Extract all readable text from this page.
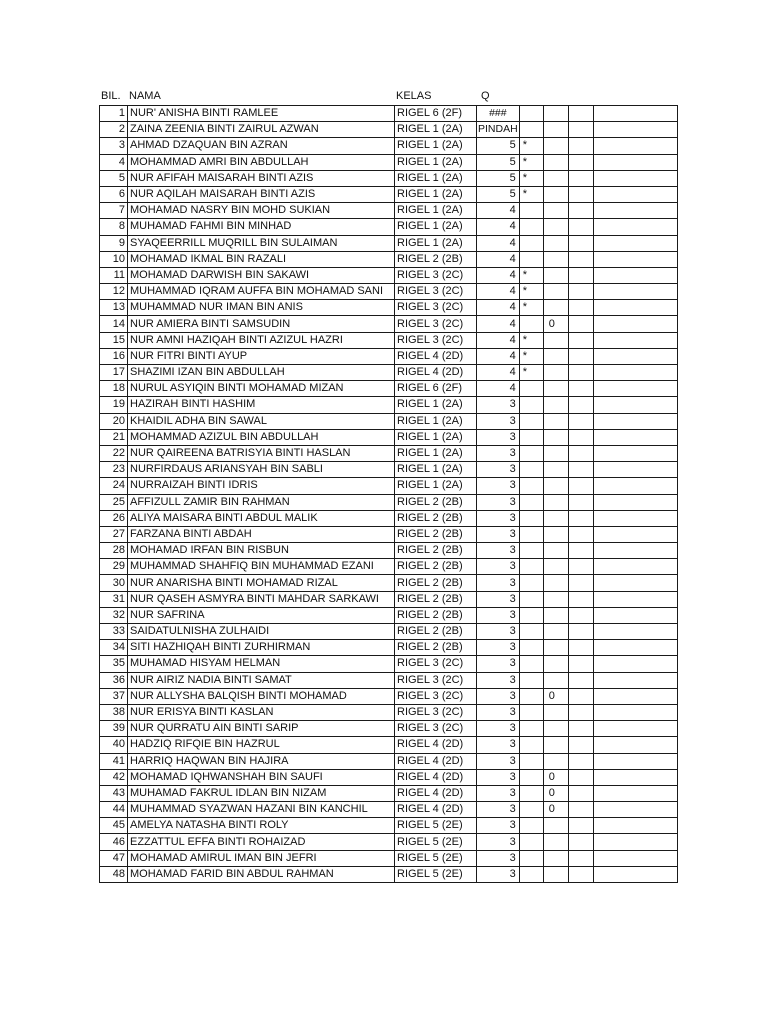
BIL. NAMA	KELAS	Q
1	NUR' ANISHA BINTI RAMLEE	RIGEL 6 (2F)	###				
2	ZAINA ZEENIA BINTI ZAIRUL AZWAN	RIGEL 1 (2A)	PINDAH				
3	AHMAD DZAQUAN BIN AZRAN	RIGEL 1 (2A)	5	*			
4	MOHAMMAD AMRI BIN ABDULLAH	RIGEL 1 (2A)	5	*			
5	NUR AFIFAH MAISARAH BINTI AZIS	RIGEL 1 (2A)	5	*			
6	NUR AQILAH MAISARAH BINTI AZIS	RIGEL 1 (2A)	5	*			
7	MOHAMAD NASRY BIN MOHD SUKIAN	RIGEL 1 (2A)	4				
8	MUHAMAD FAHMI BIN MINHAD	RIGEL 1 (2A)	4				
9	SYAQEERRILL MUQRILL BIN SULAIMAN	RIGEL 1 (2A)	4				
10	MOHAMAD IKMAL BIN RAZALI	RIGEL 2 (2B)	4				
11	MOHAMAD DARWISH BIN SAKAWI	RIGEL 3 (2C)	4	*			
12	MUHAMMAD IQRAM AUFFA BIN MOHAMAD SANI	RIGEL 3 (2C)	4	*			
13	MUHAMMAD NUR IMAN BIN ANIS	RIGEL 3 (2C)	4	*			
14	NUR AMIERA BINTI SAMSUDIN	RIGEL 3 (2C)	4		0		
15	NUR AMNI HAZIQAH BINTI AZIZUL HAZRI	RIGEL 3 (2C)	4	*			
16	NUR FITRI BINTI AYUP	RIGEL 4 (2D)	4	*			
17	SHAZIMI IZAN BIN ABDULLAH	RIGEL 4 (2D)	4	*			
18	NURUL ASYIQIN BINTI MOHAMAD MIZAN	RIGEL 6 (2F)	4				
19	HAZIRAH BINTI HASHIM	RIGEL 1 (2A)	3				
20	KHAIDIL ADHA BIN SAWAL	RIGEL 1 (2A)	3				
21	MOHAMMAD AZIZUL BIN ABDULLAH	RIGEL 1 (2A)	3				
22	NUR QAIREENA BATRISYIA BINTI HASLAN	RIGEL 1 (2A)	3				
23	NURFIRDAUS ARIANSYAH BIN SABLI	RIGEL 1 (2A)	3				
24	NURRAIZAH BINTI IDRIS	RIGEL 1 (2A)	3				
25	AFFIZULL ZAMIR BIN RAHMAN	RIGEL 2 (2B)	3				
26	ALIYA MAISARA BINTI ABDUL MALIK	RIGEL 2 (2B)	3				
27	FARZANA BINTI ABDAH	RIGEL 2 (2B)	3				
28	MOHAMAD IRFAN BIN RISBUN	RIGEL 2 (2B)	3				
29	MUHAMMAD SHAHFIQ BIN MUHAMMAD EZANI	RIGEL 2 (2B)	3				
30	NUR ANARISHA BINTI MOHAMAD RIZAL	RIGEL 2 (2B)	3				
31	NUR QASEH ASMYRA BINTI MAHDAR SARKAWI	RIGEL 2 (2B)	3				
32	NUR SAFRINA	RIGEL 2 (2B)	3				
33	SAIDATULNISHA ZULHAIDI	RIGEL 2 (2B)	3				
34	SITI HAZHIQAH BINTI ZURHIRMAN	RIGEL 2 (2B)	3				
35	MUHAMAD HISYAM HELMAN	RIGEL 3 (2C)	3				
36	NUR AIRIZ NADIA BINTI SAMAT	RIGEL 3 (2C)	3				
37	NUR ALLYSHA BALQISH BINTI MOHAMAD	RIGEL 3 (2C)	3		0		
38	NUR ERISYA BINTI KASLAN	RIGEL 3 (2C)	3				
39	NUR QURRATU AIN BINTI SARIP	RIGEL 3 (2C)	3				
40	HADZIQ RIFQIE BIN HAZRUL	RIGEL 4 (2D)	3				
41	HARRIQ HAQWAN BIN HAJIRA	RIGEL 4 (2D)	3				
42	MOHAMAD IQHWANSHAH BIN SAUFI	RIGEL 4 (2D)	3		0		
43	MUHAMAD FAKRUL IDLAN BIN NIZAM	RIGEL 4 (2D)	3		0		
44	MUHAMMAD SYAZWAN HAZANI BIN KANCHIL	RIGEL 4 (2D)	3		0		
45	AMELYA NATASHA BINTI ROLY	RIGEL 5 (2E)	3				
46	EZZATTUL EFFA BINTI ROHAIZAD	RIGEL 5 (2E)	3				
47	MOHAMAD AMIRUL IMAN BIN JEFRI	RIGEL 5 (2E)	3				
48	MOHAMAD FARID BIN ABDUL RAHMAN	RIGEL 5 (2E)	3				
